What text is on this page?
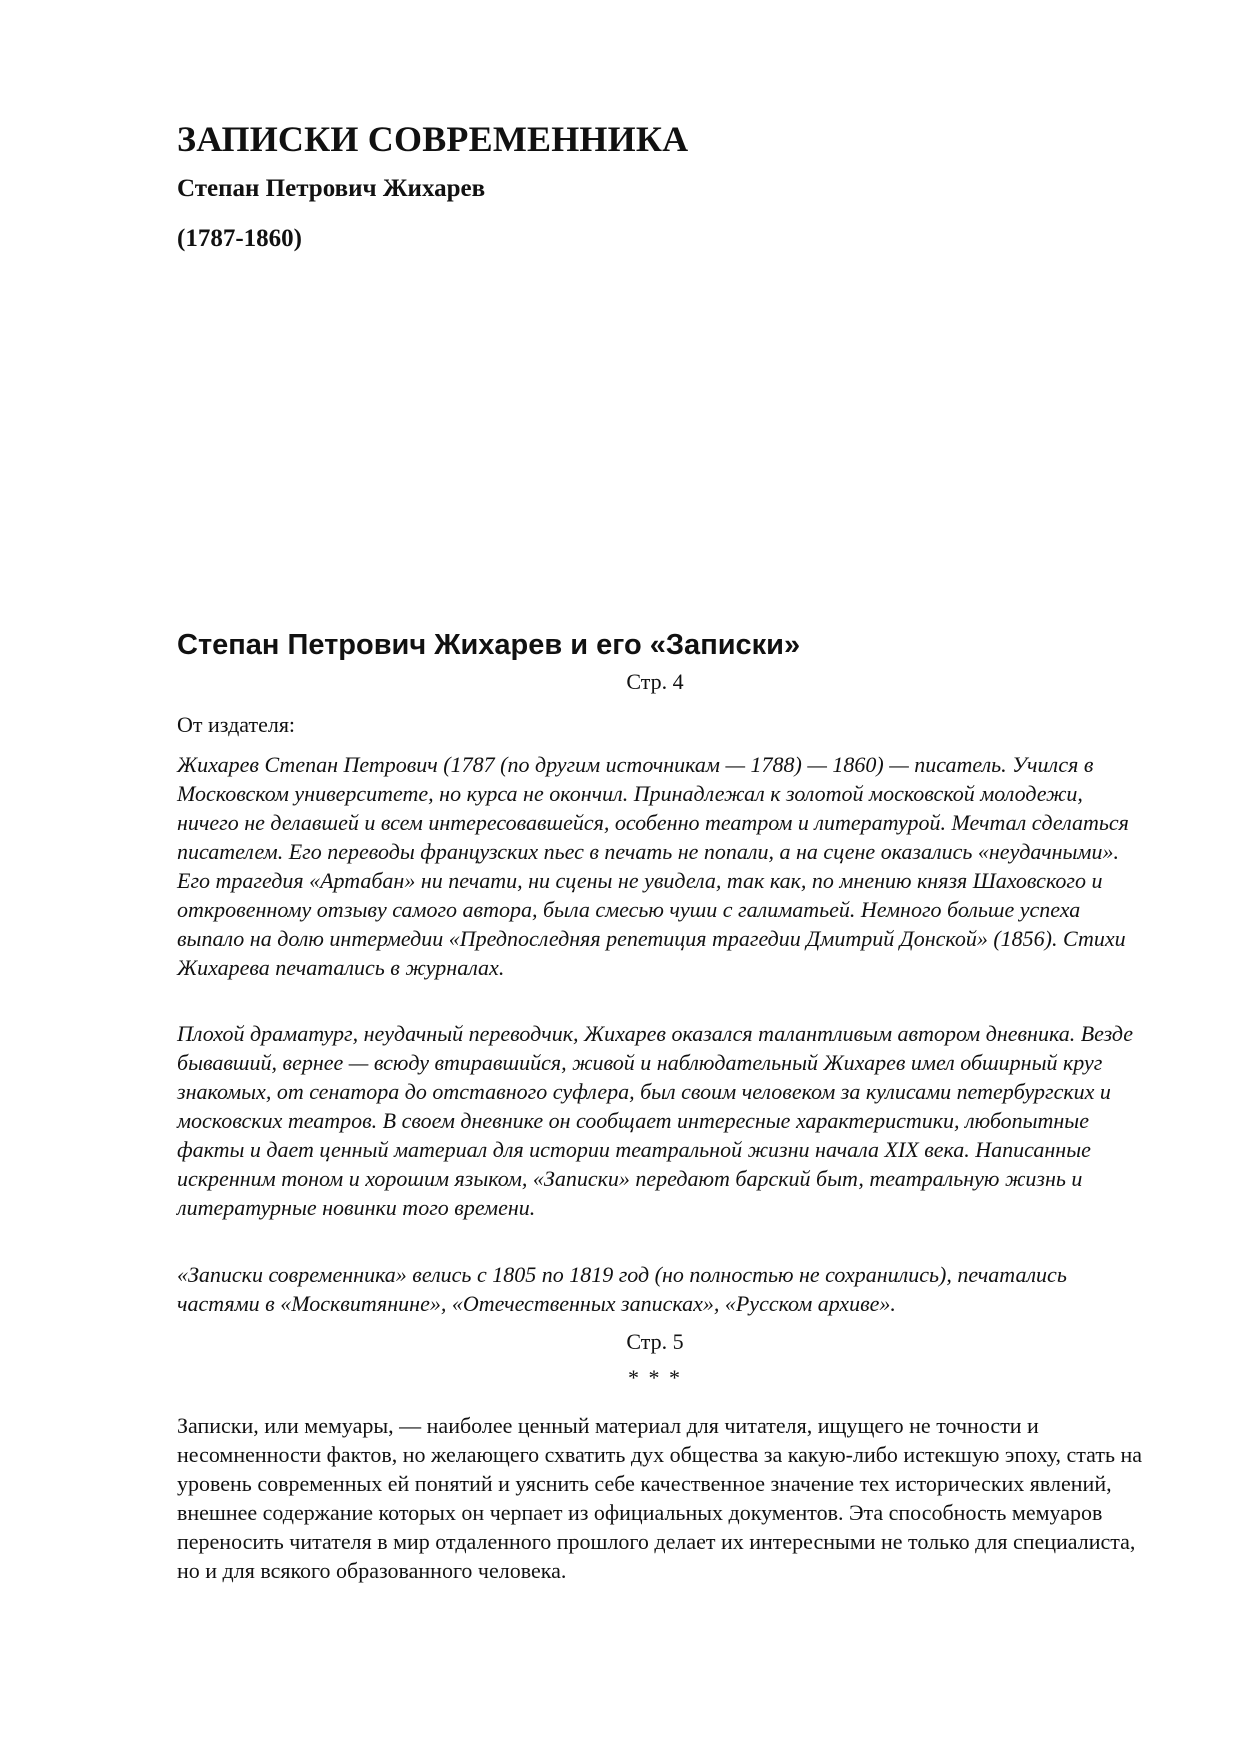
ЗАПИСКИ СОВРЕМЕННИКА
Степан Петрович Жихарев
(1787-1860)
Степан Петрович Жихарев и его «Записки»
Стр. 4

От издателя:

Жихарев Степан Петрович (1787 (по другим источникам — 1788) — 1860) — писатель. Учился в Московском университете, но курса не окончил. Принадлежал к золотой московской молодежи, ничего не делавшей и всем интересовавшейся, особенно театром и литературой. Мечтал сделаться писателем. Его переводы французских пьес в печать не попали, а на сцене оказались «неудачными». Его трагедия «Артабан» ни печати, ни сцены не увидела, так как, по мнению князя Шаховского и откровенному отзыву самого автора, была смесью чуши с галиматьей. Немного больше успеха выпало на долю интермедии «Предпоследняя репетиция трагедии Дмитрий Донской» (1856). Стихи Жихарева печатались в журналах.

Плохой драматург, неудачный переводчик, Жихарев оказался талантливым автором дневника. Везде бывавший, вернее — всюду втиравшийся, живой и наблюдательный Жихарев имел обширный круг знакомых, от сенатора до отставного суфлера, был своим человеком за кулисами петербургских и московских театров. В своем дневнике он сообщает интересные характеристики, любопытные факты и дает ценный материал для истории театральной жизни начала XIX века. Написанные искренним тоном и хорошим языком, «Записки» передают барский быт, театральную жизнь и литературные новинки того времени.

«Записки современника» велись с 1805 по 1819 год (но полностью не сохранились), печатались частями в «Москвитянине», «Отечественных записках», «Русском архиве».

Стр. 5
* * *

Записки, или мемуары, — наиболее ценный материал для читателя, ищущего не точности и несомненности фактов, но желающего схватить дух общества за какую-либо истекшую эпоху, стать на уровень современных ей понятий и уяснить себе качественное значение тех исторических явлений, внешнее содержание которых он черпает из официальных документов. Эта способность мемуаров переносить читателя в мир отдаленного прошлого делает их интересными не только для специалиста, но и для всякого образованного человека.
